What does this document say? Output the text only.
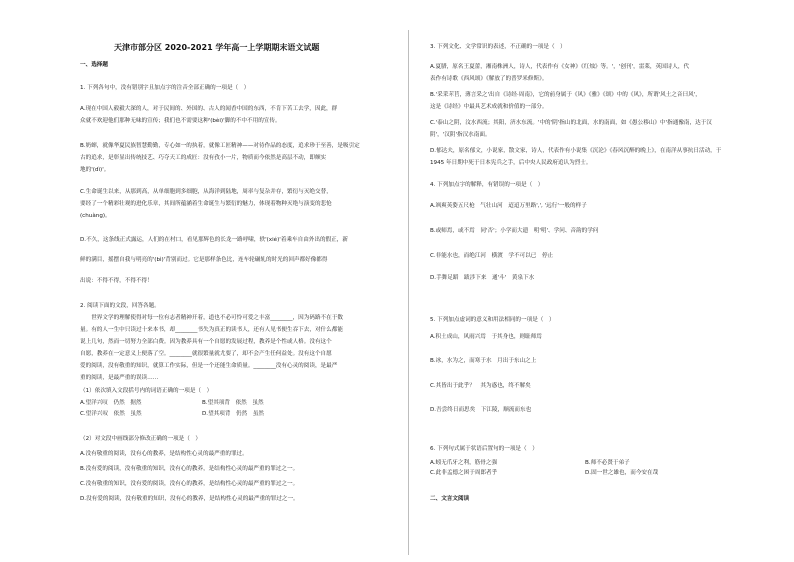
天津市部分区 2020-2021 学年高一上学期期末语文试题
一、选择题
1. 下列各句中，没有错别字且加点字的注音全部正确的一项是（　）
A.现在中国人毅毅大深的人，对于民间的、外国的、古人的闻香中国的东西，不肯下苦工去学，因此，群
众就不欢迎他们那种无味的宣传；我们也不需要这种'(bèi)'脚的不中不用的宣传。
B.奶蟀，就像华夏民族智慧勤勤，专心如一的执着，就像工匠精神——对待作品的态度，追求珍于至善，是吸引定
古的追求，是彰显出传统技艺、巧夺天工的成匠：没有孜小一片，物质而今依然是高层不动，即颇实
地的'(dì)'。
C.生命诞生以来，从那到高，从单细胞到多细胞，从海洋到陆地，周率与复杂并存，繁衍与灭绝交替，
要经了一个精彩壮观的进化乐章，其间所蕴涵着生命诞生与繁衍的魅力，体现着物种灭绝与演变的悲怆
(chuàng)。
D.不久，这条线正式露运，人们的在村口，看见那辉色的长龙一路呼啸，轶'(xié)'着乘车自由外出的假正，新
鲜的满目，摇摆自我与明亮的'(bì)'背别而过。它是那样条色比，连车轮碾轧的时光的回声都好像都得
出说：不得不得，不得不得！
2. 阅读下面的文段，回答各题。
　　世界文学的理解使得对每一位有志者精神开着，道也不必可怜可爱之丰富________，因为码路不在于数
量。有的人一生中只读过十来本书，却________书失为真正的读书人，还有人见书便生吞下去，对什么都能
说上几句，然而一切努力全部白费。因为教养具有一个自愿的发展过程，教养是个性或人格。没有这个
自愿，教养在一定意义上便落了空。________就很繁量就尤要了，却不会产生任何益处。没有这个自愿
爱的阅读，没有敬重的知识，就算工作实际，但是一个还能生命质量。________没有心灵的阅读，是最严
重的阅读，是最严重的误读……
（1）依次填入文段括号内的词语正确的一项是（　）
A.望洋兴叹　仍然　据然	B.望其项背　依然　虽然
C.望洋兴叹　依然　虽然	D.望其项背　仍然　虽然
（2）对文段中画线部分修改正确的一项是（　）
A.没有敬重的阅读，没有心的教养，是结构性心灵的最严重的罪过。
B.没有爱的阅读，没有敬重的知识，没有心的教养，是结构性心灵的最严重的罪过之一。
C.没有敬重的知识，没有爱的阅读，没有心的教养，是结构性心灵的最严重的罪过之一。
D.没有爱的阅读，没有敬重的知识，没有心的教养，是结构性心灵的最严重的罪过之一。
3. 下列文化、文学常识的表述，不正确的一项是（　）
A.夏腊，原名王夏蕾，湘南株洲人，诗人，代表作有《女神》《红烛》等。'，'创刊'，雷莱，英国诗人，代
表作有诗歌《西风颂》《解放了的普罗米修斯》。
B.'采采芣苢，薄言采之'出自《诗经·周南》，它的前身属于《风》《雅》《颂》中的《风》，所谓'风土之音曰风'，
这是《诗经》中最具艺术成就和价值的一部分。
C.'泰山之阴，汶水西流；其阳，济水东流。'中的'阴'指山的北面，水的南面，如《愚公移山》中'指通豫南，达于汉
阴'，'汉阴'指汉水南面。
D.郁达夫，原名郁文，小说家，散文家，诗人，代表作有小说集《沉沦》《春风沉醉的晚上》，在南洋从事抗日活动，于
1945 年日期中死于日本宪兵之手，后中央人民政府追认为烈士。
4. 下列加点字的解释，有错误的一项是（　）
A.飒爽英姿五尺枪　气壮山河　迢迢万里路',', '远行'一般的样子
B.或师焉，或不焉　同'否'；小学而大遗　明'明'、学问、音韵的学问
C.非能水也，而绝江河　横渡　学不可以已　停止
D.手舞足蹈　跋涉下来　通'斗'　黄泉下水
5. 下列加点虚词的意义和用法相同的一项是（　）
A.积土成山，风雨兴焉　于其身也，则耻师焉
B.冰，水为之，而寒于水　月出于东山之上
C.其皆出于此乎？　其为惑也，终不解矣
D.吾尝终日而思矣　下江陵，顺流而东也
6. 下列句式属于状语后置句的一项是（　）
A.蚓无爪牙之利，筋骨之强	B.师不必贤于弟子
C.此非孟德之困于周郎者乎	D.固一世之雄也，而今安在哉
二、文言文阅读
